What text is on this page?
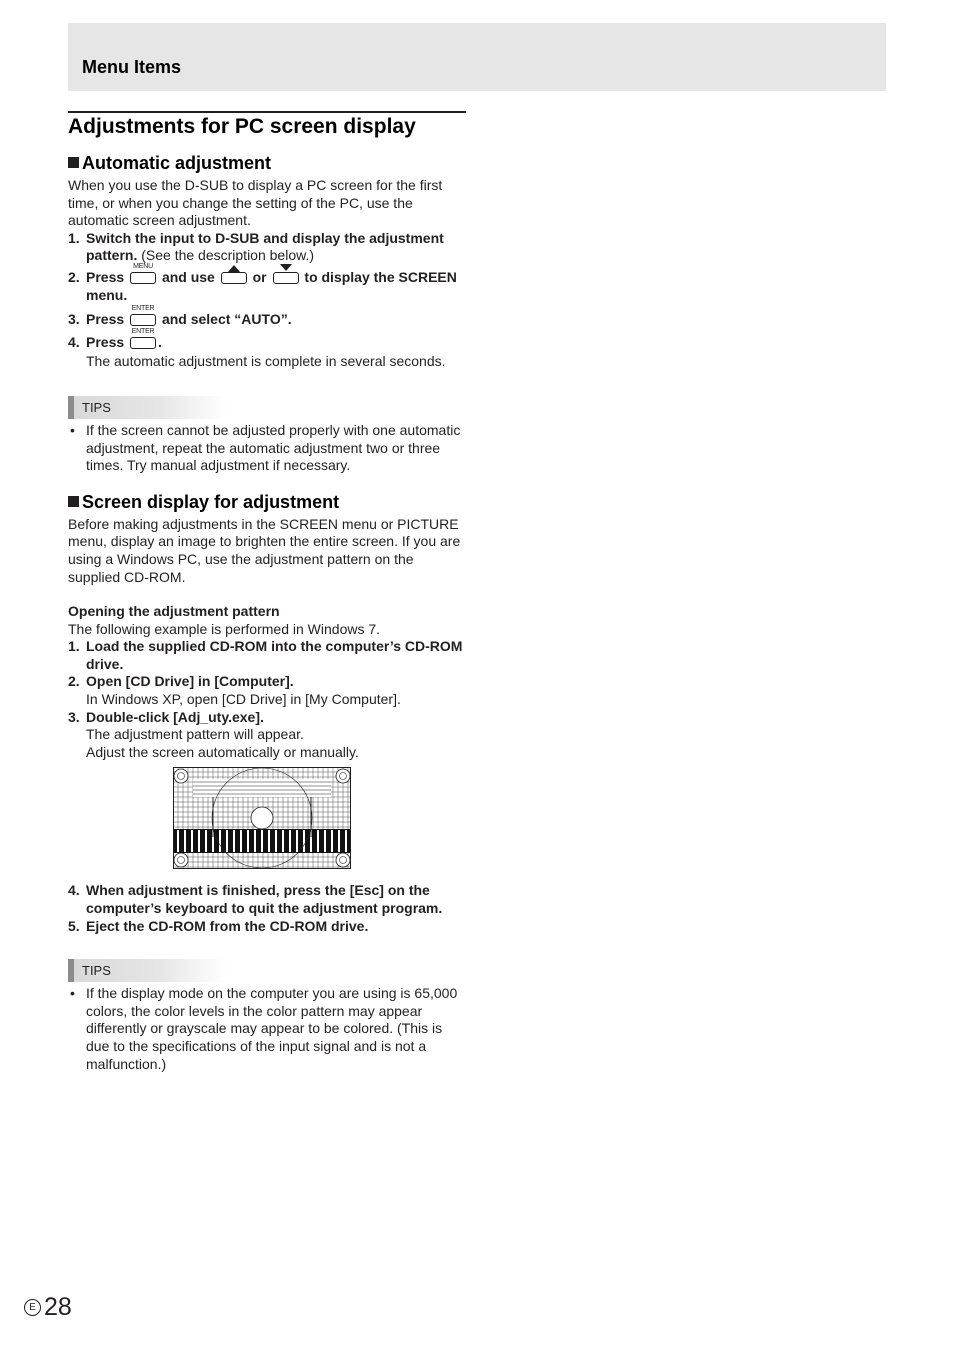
Menu Items
Adjustments for PC screen display
Automatic adjustment

When you use the D-SUB to display a PC screen for the first time, or when you change the setting of the PC, use the automatic screen adjustment.

1. Switch the input to D-SUB and display the adjustment pattern. (See the description below.)
2. Press
MENU
and use	or	to display the SCREEN menu.
3. Press
ENTER
and select “AUTO”.
4. Press
ENTER
.
The automatic adjustment is complete in several seconds.
TIPS
• If the screen cannot be adjusted properly with one automatic adjustment, repeat the automatic adjustment two or three times. Try manual adjustment if necessary.
Screen display for adjustment

Before making adjustments in the SCREEN menu or PICTURE menu, display an image to brighten the entire screen. If you are using a Windows PC, use the adjustment pattern on the supplied CD-ROM.

Opening the adjustment pattern

The following example is performed in Windows 7.

1. Load the supplied CD-ROM into the computer’s CD-ROM drive.
2. Open [CD Drive] in [Computer].
In Windows XP, open [CD Drive] in [My Computer].
3. Double-click [Adj_uty.exe].
The adjustment pattern will appear.
Adjust the screen automatically or manually.
4. When adjustment is finished, press the [Esc] on the computer’s keyboard to quit the adjustment program.
5. Eject the CD-ROM from the CD-ROM drive.
TIPS
• If the display mode on the computer you are using is 65,000 colors, the color levels in the color pattern may appear differently or grayscale may appear to be colored. (This is due to the specifications of the input signal and is not a malfunction.)
E 28
